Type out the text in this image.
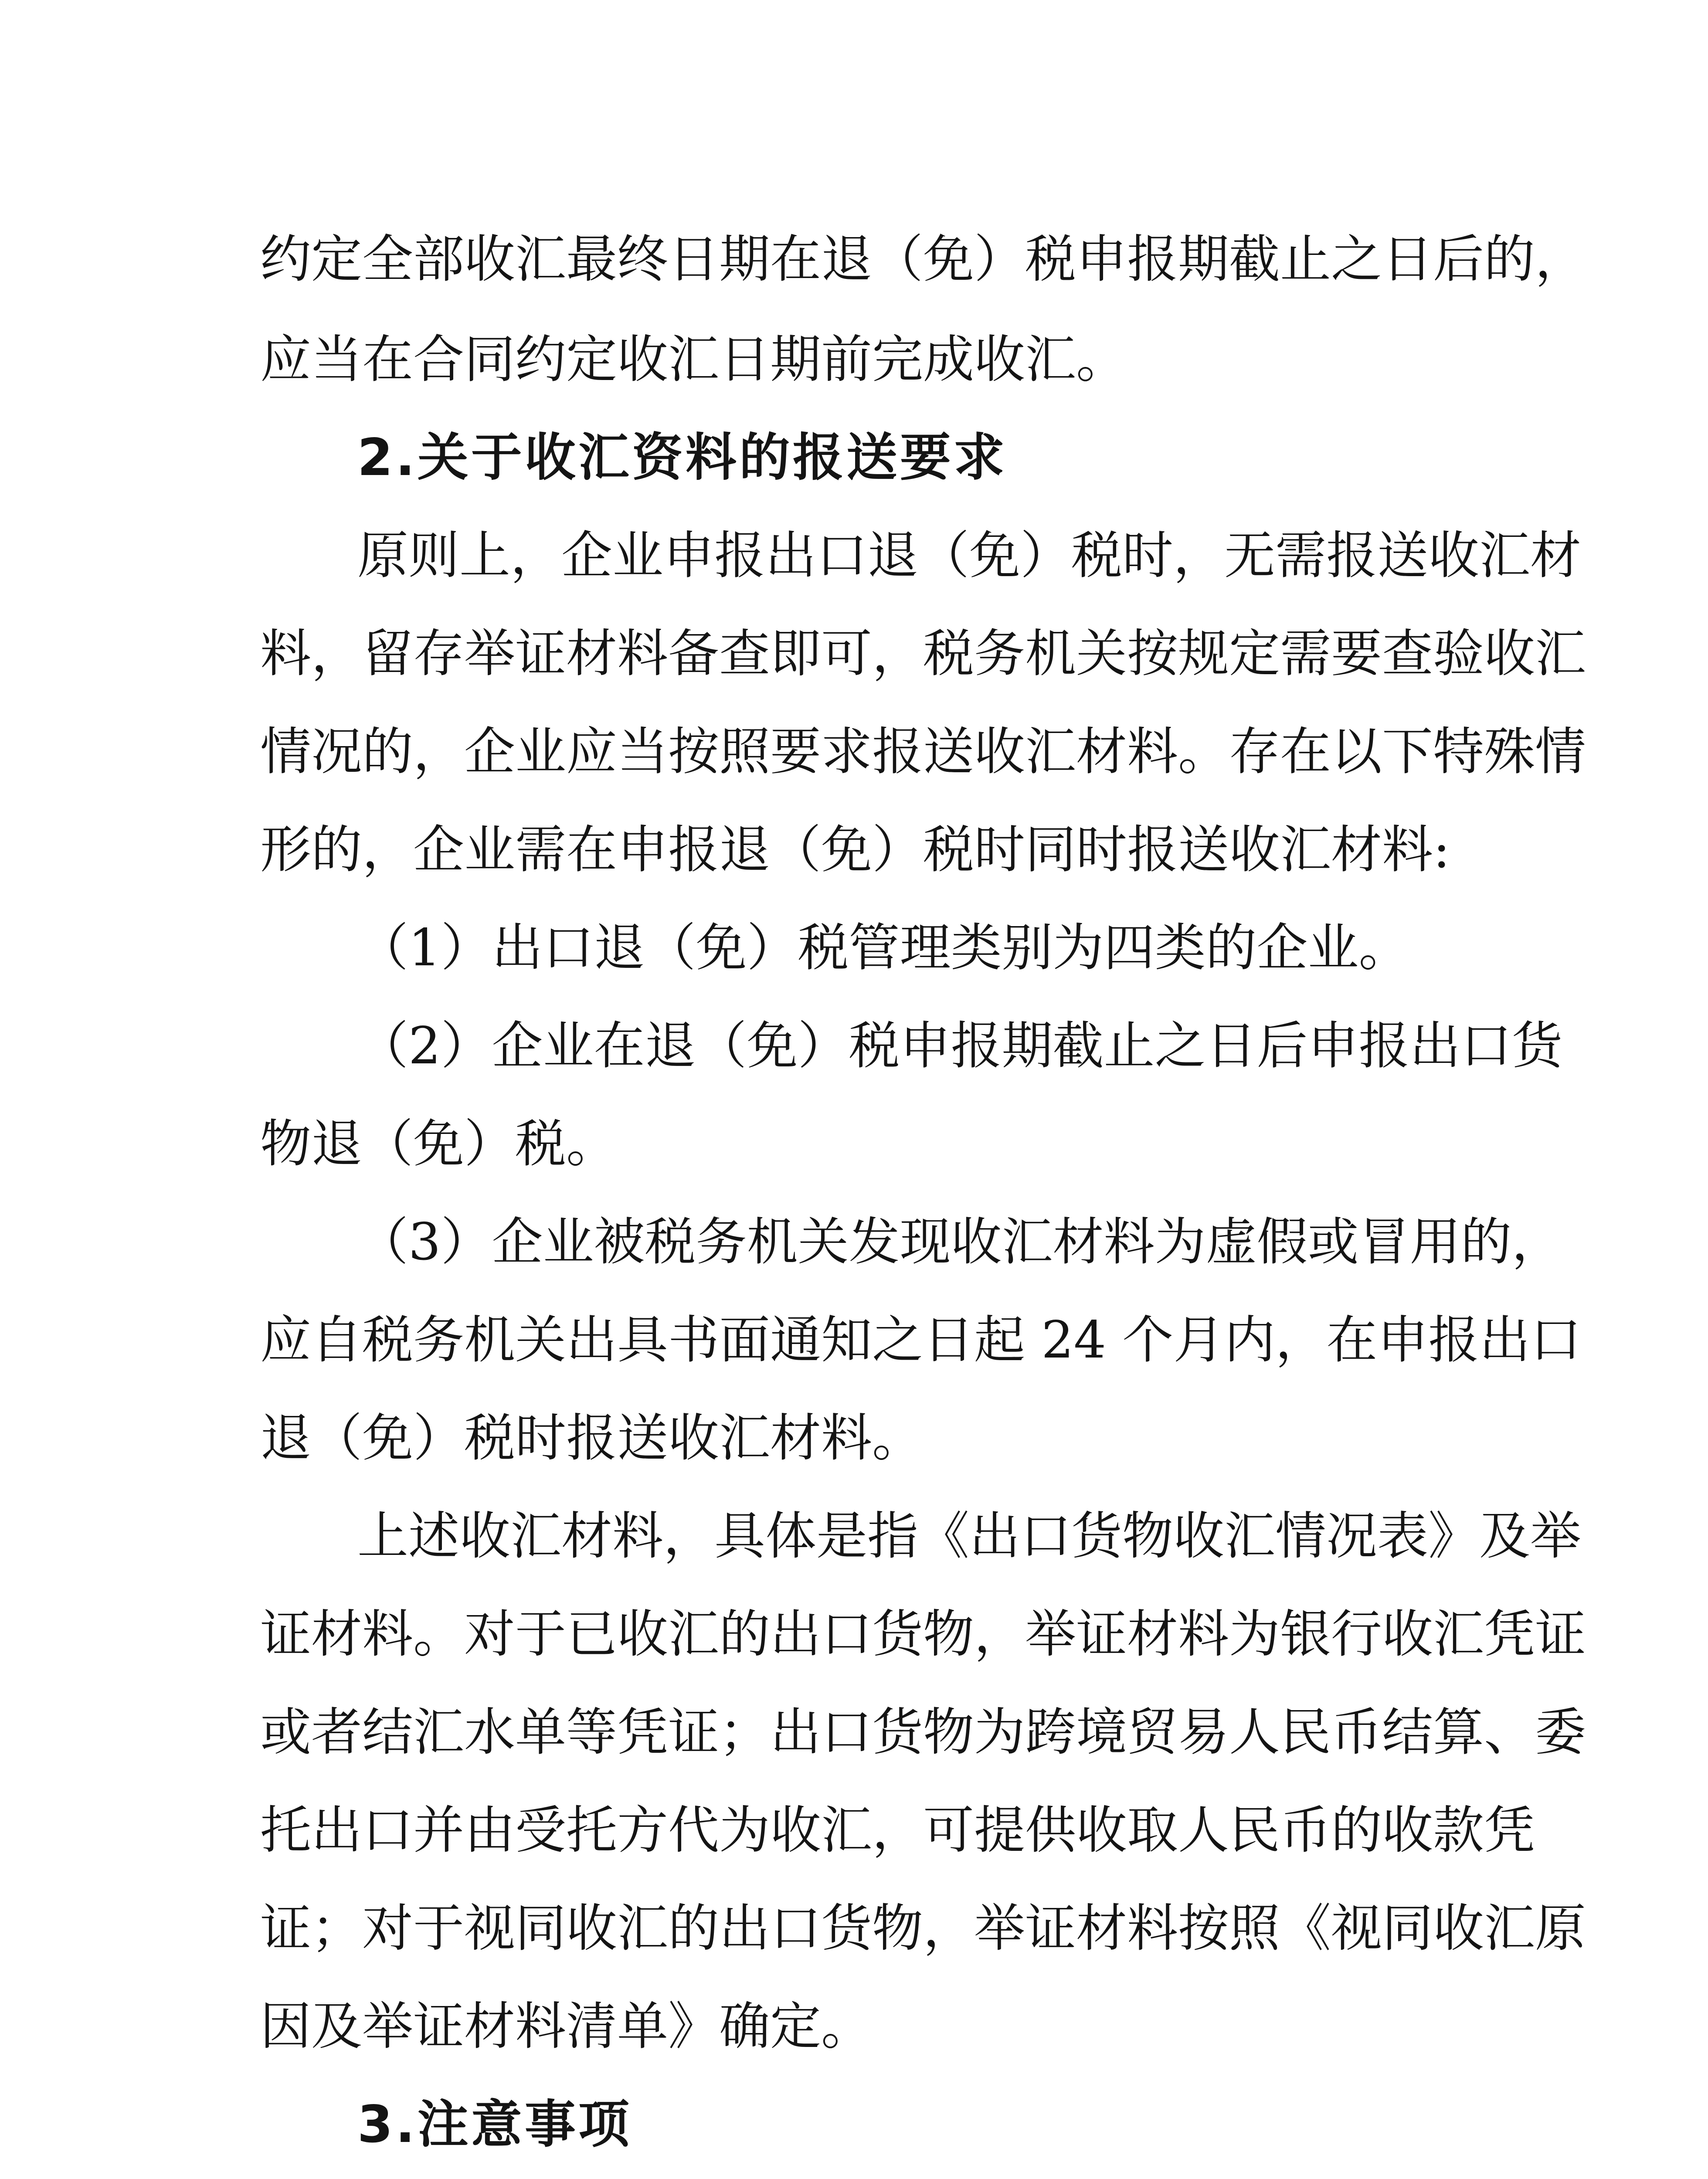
约定全部收汇最终日期在退（免）税申报期截止之日后的，
应当在合同约定收汇日期前完成收汇。
2.关于收汇资料的报送要求
原则上，企业申报出口退（免）税时，无需报送收汇材
料，留存举证材料备查即可，税务机关按规定需要查验收汇
情况的，企业应当按照要求报送收汇材料。存在以下特殊情
形的，企业需在申报退（免）税时同时报送收汇材料:
（1）出口退（免）税管理类别为四类的企业。
（2）企业在退（免）税申报期截止之日后申报出口货
物退（免）税。
（3）企业被税务机关发现收汇材料为虚假或冒用的，
应自税务机关出具书面通知之日起 24 个月内，在申报出口
退（免）税时报送收汇材料。
上述收汇材料，具体是指《出口货物收汇情况表》及举
证材料。对于已收汇的出口货物，举证材料为银行收汇凭证
或者结汇水单等凭证；出口货物为跨境贸易人民币结算、委
托出口并由受托方代为收汇，可提供收取人民币的收款凭
证；对于视同收汇的出口货物，举证材料按照《视同收汇原
因及举证材料清单》确定。
3.注意事项
